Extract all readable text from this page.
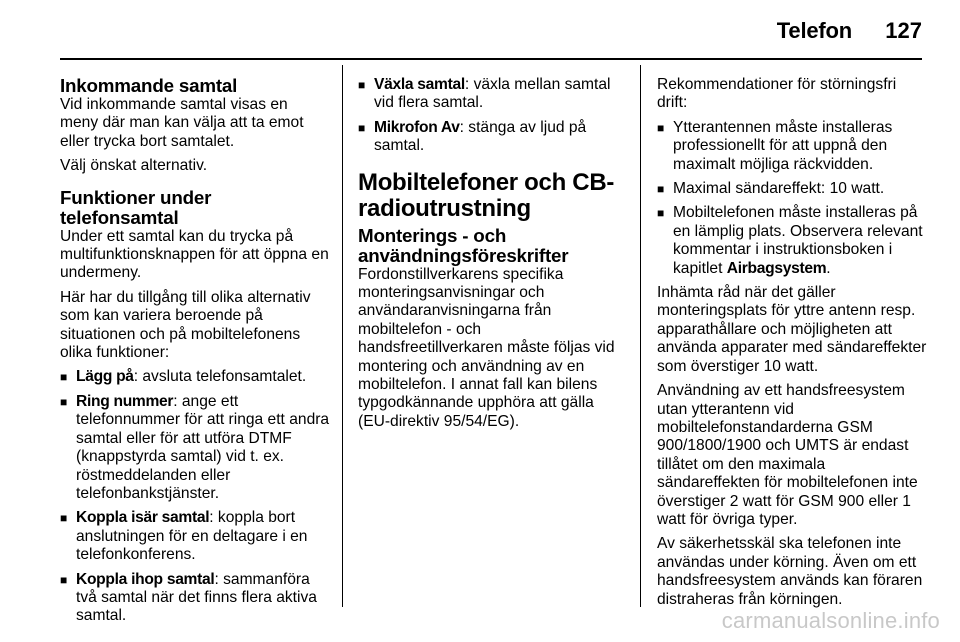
Telefon	127
Inkommande samtal

Vid inkommande samtal visas en meny där man kan välja att ta emot eller trycka bort samtalet.

Välj önskat alternativ.

Funktioner under telefonsamtal

Under ett samtal kan du trycka på multifunktionsknappen för att öppna en undermeny.

Här har du tillgång till olika alternativ som kan variera beroende på situationen och på mobiltelefonens olika funktioner:

■ Lägg på: avsluta telefonsamtalet.
■ Ring nummer: ange ett telefonnummer för att ringa ett andra samtal eller för att utföra DTMF (knappstyrda samtal) vid t. ex. röstmeddelanden eller telefonbankstjänster.
■ Koppla isär samtal: koppla bort anslutningen för en deltagare i en telefonkonferens.
■ Koppla ihop samtal: sammanföra två samtal när det finns flera aktiva samtal.
■ Växla samtal: växla mellan samtal vid flera samtal.
■ Mikrofon Av: stänga av ljud på samtal.
Mobiltelefoner och CB-radioutrustning
Monterings - och användningsföreskrifter

Fordonstillverkarens specifika monteringsanvisningar och användaranvisningarna från mobiltelefon - och handsfreetillverkaren måste följas vid montering och användning av en mobiltelefon. I annat fall kan bilens typgodkännande upphöra att gälla (EU-direktiv 95/54/EG).

Rekommendationer för störningsfri drift:

■ Ytterantennen måste installeras professionellt för att uppnå den maximalt möjliga räckvidden.
■ Maximal sändareffekt: 10 watt.
■ Mobiltelefonen måste installeras på en lämplig plats. Observera relevant kommentar i instruktionsboken i kapitlet Airbagsystem.

Inhämta råd när det gäller monteringsplats för yttre antenn resp. apparathållare och möjligheten att använda apparater med sändareffekter som överstiger 10 watt.

Användning av ett handsfreesystem utan ytterantenn vid mobiltelefonstandarderna GSM 900/1800/1900 och UMTS är endast tillåtet om den maximala sändareffekten för mobiltelefonen inte överstiger 2 watt för GSM 900 eller 1 watt för övriga typer.

Av säkerhetsskäl ska telefonen inte användas under körning. Även om ett handsfreesystem används kan föraren distraheras från körningen.

carmanualsonline.info
